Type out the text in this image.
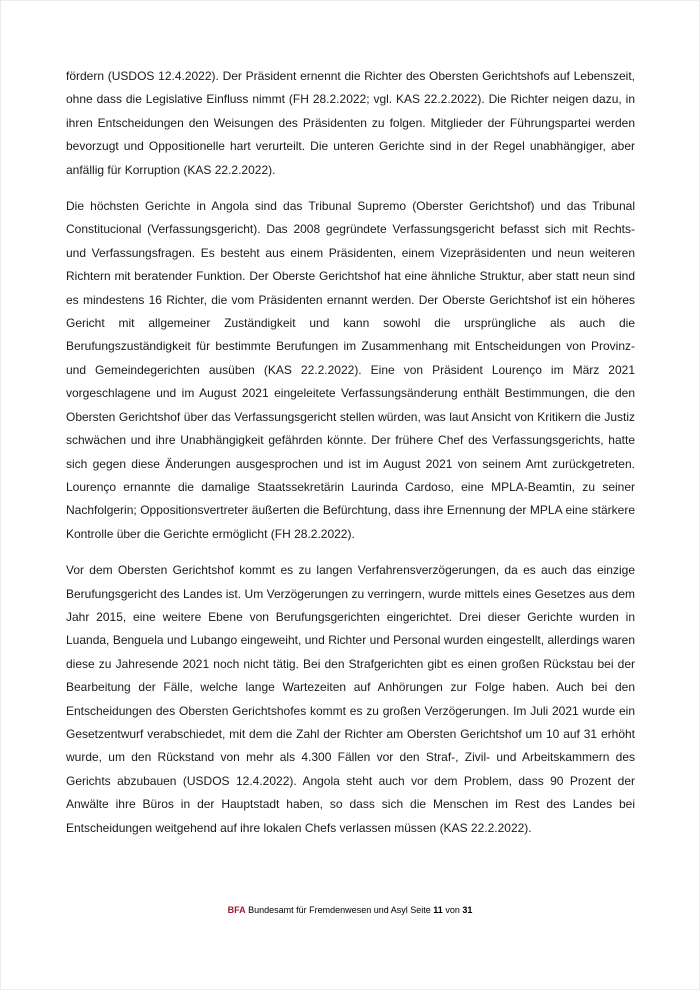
fördern (USDOS 12.4.2022). Der Präsident ernennt die Richter des Obersten Gerichtshofs auf Lebenszeit, ohne dass die Legislative Einfluss nimmt (FH 28.2.2022; vgl. KAS 22.2.2022). Die Richter neigen dazu, in ihren Entscheidungen den Weisungen des Präsidenten zu folgen. Mitglieder der Führungspartei werden bevorzugt und Oppositionelle hart verurteilt. Die unteren Gerichte sind in der Regel unabhängiger, aber anfällig für Korruption (KAS 22.2.2022).

Die höchsten Gerichte in Angola sind das Tribunal Supremo (Oberster Gerichtshof) und das Tribunal Constitucional (Verfassungsgericht). Das 2008 gegründete Verfassungsgericht befasst sich mit Rechts- und Verfassungsfragen. Es besteht aus einem Präsidenten, einem Vizepräsidenten und neun weiteren Richtern mit beratender Funktion. Der Oberste Gerichtshof hat eine ähnliche Struktur, aber statt neun sind es mindestens 16 Richter, die vom Präsidenten ernannt werden. Der Oberste Gerichtshof ist ein höheres Gericht mit allgemeiner Zuständigkeit und kann sowohl die ursprüngliche als auch die Berufungszuständigkeit für bestimmte Berufungen im Zusammenhang mit Entscheidungen von Provinz- und Gemeindegerichten ausüben (KAS 22.2.2022). Eine von Präsident Lourenço im März 2021 vorgeschlagene und im August 2021 eingeleitete Verfassungsänderung enthält Bestimmungen, die den Obersten Gerichtshof über das Verfassungsgericht stellen würden, was laut Ansicht von Kritikern die Justiz schwächen und ihre Unabhängigkeit gefährden könnte. Der frühere Chef des Verfassungsgerichts, hatte sich gegen diese Änderungen ausgesprochen und ist im August 2021 von seinem Amt zurückgetreten. Lourenço ernannte die damalige Staatssekretärin Laurinda Cardoso, eine MPLA-Beamtin, zu seiner Nachfolgerin; Oppositionsvertreter äußerten die Befürchtung, dass ihre Ernennung der MPLA eine stärkere Kontrolle über die Gerichte ermöglicht (FH 28.2.2022).

Vor dem Obersten Gerichtshof kommt es zu langen Verfahrensverzögerungen, da es auch das einzige Berufungsgericht des Landes ist. Um Verzögerungen zu verringern, wurde mittels eines Gesetzes aus dem Jahr 2015, eine weitere Ebene von Berufungsgerichten eingerichtet. Drei dieser Gerichte wurden in Luanda, Benguela und Lubango eingeweiht, und Richter und Personal wurden eingestellt, allerdings waren diese zu Jahresende 2021 noch nicht tätig. Bei den Strafgerichten gibt es einen großen Rückstau bei der Bearbeitung der Fälle, welche lange Wartezeiten auf Anhörungen zur Folge haben. Auch bei den Entscheidungen des Obersten Gerichtshofes kommt es zu großen Verzögerungen. Im Juli 2021 wurde ein Gesetzentwurf verabschiedet, mit dem die Zahl der Richter am Obersten Gerichtshof um 10 auf 31 erhöht wurde, um den Rückstand von mehr als 4.300 Fällen vor den Straf-, Zivil- und Arbeitskammern des Gerichts abzubauen (USDOS 12.4.2022). Angola steht auch vor dem Problem, dass 90 Prozent der Anwälte ihre Büros in der Hauptstadt haben, so dass sich die Menschen im Rest des Landes bei Entscheidungen weitgehend auf ihre lokalen Chefs verlassen müssen (KAS 22.2.2022).

BFA Bundesamt für Fremdenwesen und Asyl Seite 11 von 31
